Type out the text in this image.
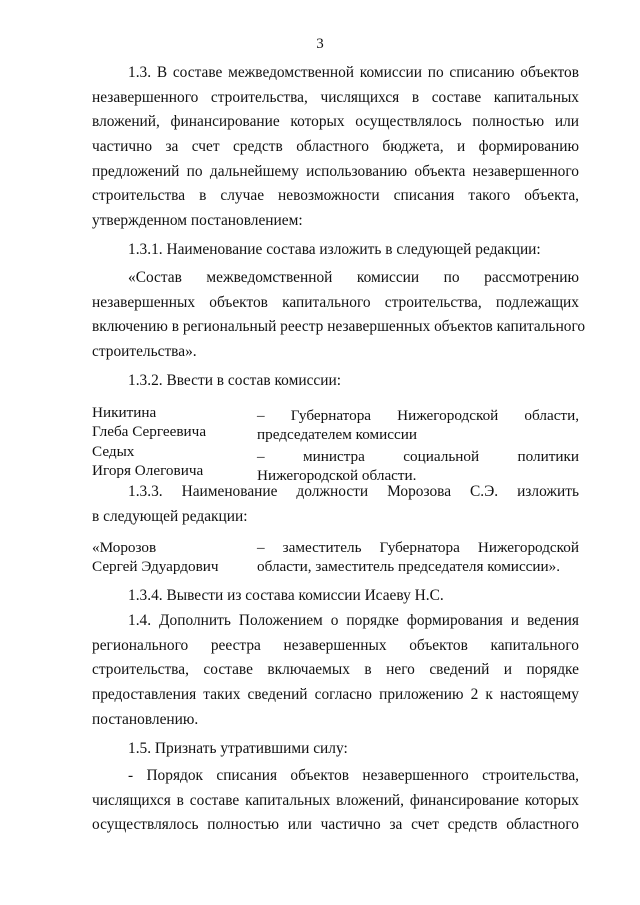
3
1.3. В составе межведомственной комиссии по списанию объектов
незавершенного строительства, числящихся в составе капитальных
вложений, финансирование которых осуществлялось полностью или
частично за счет средств областного бюджета, и формированию
предложений по дальнейшему использованию объекта незавершенного
строительства в случае невозможности списания такого объекта,
утвержденном постановлением:
1.3.1. Наименование состава изложить в следующей редакции:
«Состав межведомственной комиссии по рассмотрению
незавершенных объектов капитального строительства, подлежащих
включению в региональный реестр незавершенных объектов капитального
строительства».
1.3.2. Ввести в состав комиссии:
Никитина
Глеба Сергеевича
– Губернатора Нижегородской области,
председателем комиссии
Седых
Игоря Олеговича
– министра социальной политики
Нижегородской области.
1.3.3. Наименование должности Морозова С.Э. изложить
в следующей редакции:
«Морозов
Сергей Эдуардович
– заместитель Губернатора Нижегородской
области, заместитель председателя комиссии».
1.3.4. Вывести из состава комиссии Исаеву Н.С.
1.4. Дополнить Положением о порядке формирования и ведения
регионального реестра незавершенных объектов капитального
строительства, составе включаемых в него сведений и порядке
предоставления таких сведений согласно приложению 2 к настоящему
постановлению.
1.5. Признать утратившими силу:
- Порядок списания объектов незавершенного строительства,
числящихся в составе капитальных вложений, финансирование которых
осуществлялось полностью или частично за счет средств областного
